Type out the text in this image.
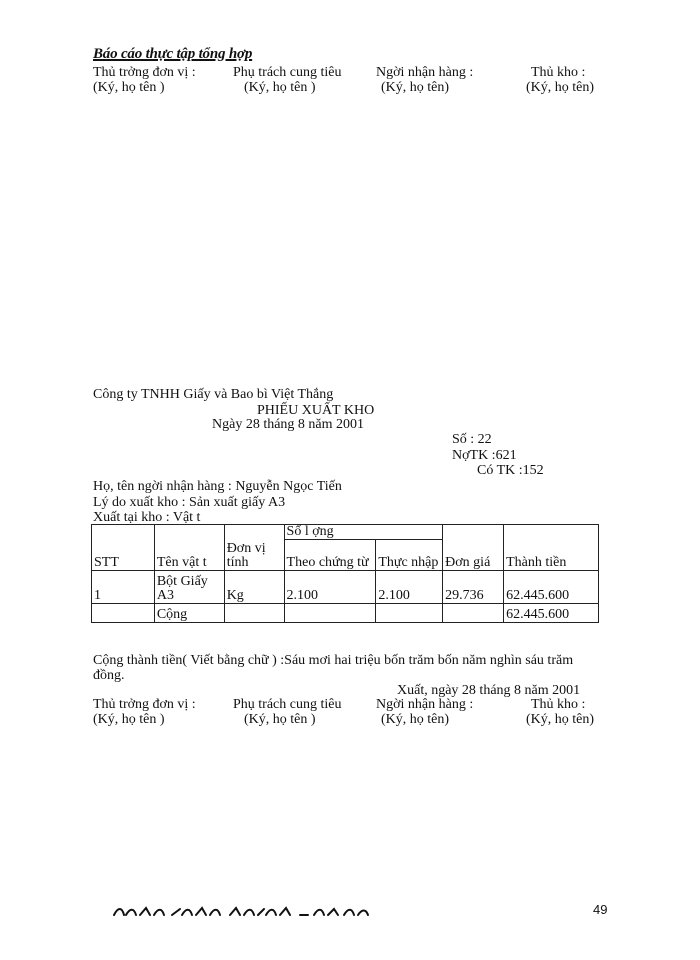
Báo cáo thực tập tổng hợp
Thủ trởng đơn vị :
(Ký, họ tên )
Phụ trách cung tiêu
(Ký, họ tên )
Ngời nhận hàng :
(Ký, họ tên)
Thủ kho :
(Ký, họ tên)
Công ty TNHH Giấy và Bao bì Việt Thắng
PHIẾU XUẤT KHO
Ngày 28 tháng 8 năm 2001
Số : 22
NợTK :621
Có TK :152
Họ, tên ngời nhận hàng : Nguyễn Ngọc Tiến
Lý do xuất kho : Sản xuất giấy A3
Xuất tại kho : Vật t
STT	Tên vật t	Đơn vị tính	Số l ợng		Đơn giá	Thành tiền
			Theo chứng từ	Thực nhập		
1	Bột Giấy A3	Kg	2.100	2.100	29.736	62.445.600
	Cộng					62.445.600
Cộng thành tiền( Viết bằng chữ ) :Sáu mơi hai triệu bốn trăm bốn năm nghìn sáu trăm đồng.
Xuất, ngày 28 tháng 8 năm 2001
Thủ trởng đơn vị :
(Ký, họ tên )
Phụ trách cung tiêu
(Ký, họ tên )
Ngời nhận hàng :
(Ký, họ tên)
Thủ kho :
(Ký, họ tên)
49
